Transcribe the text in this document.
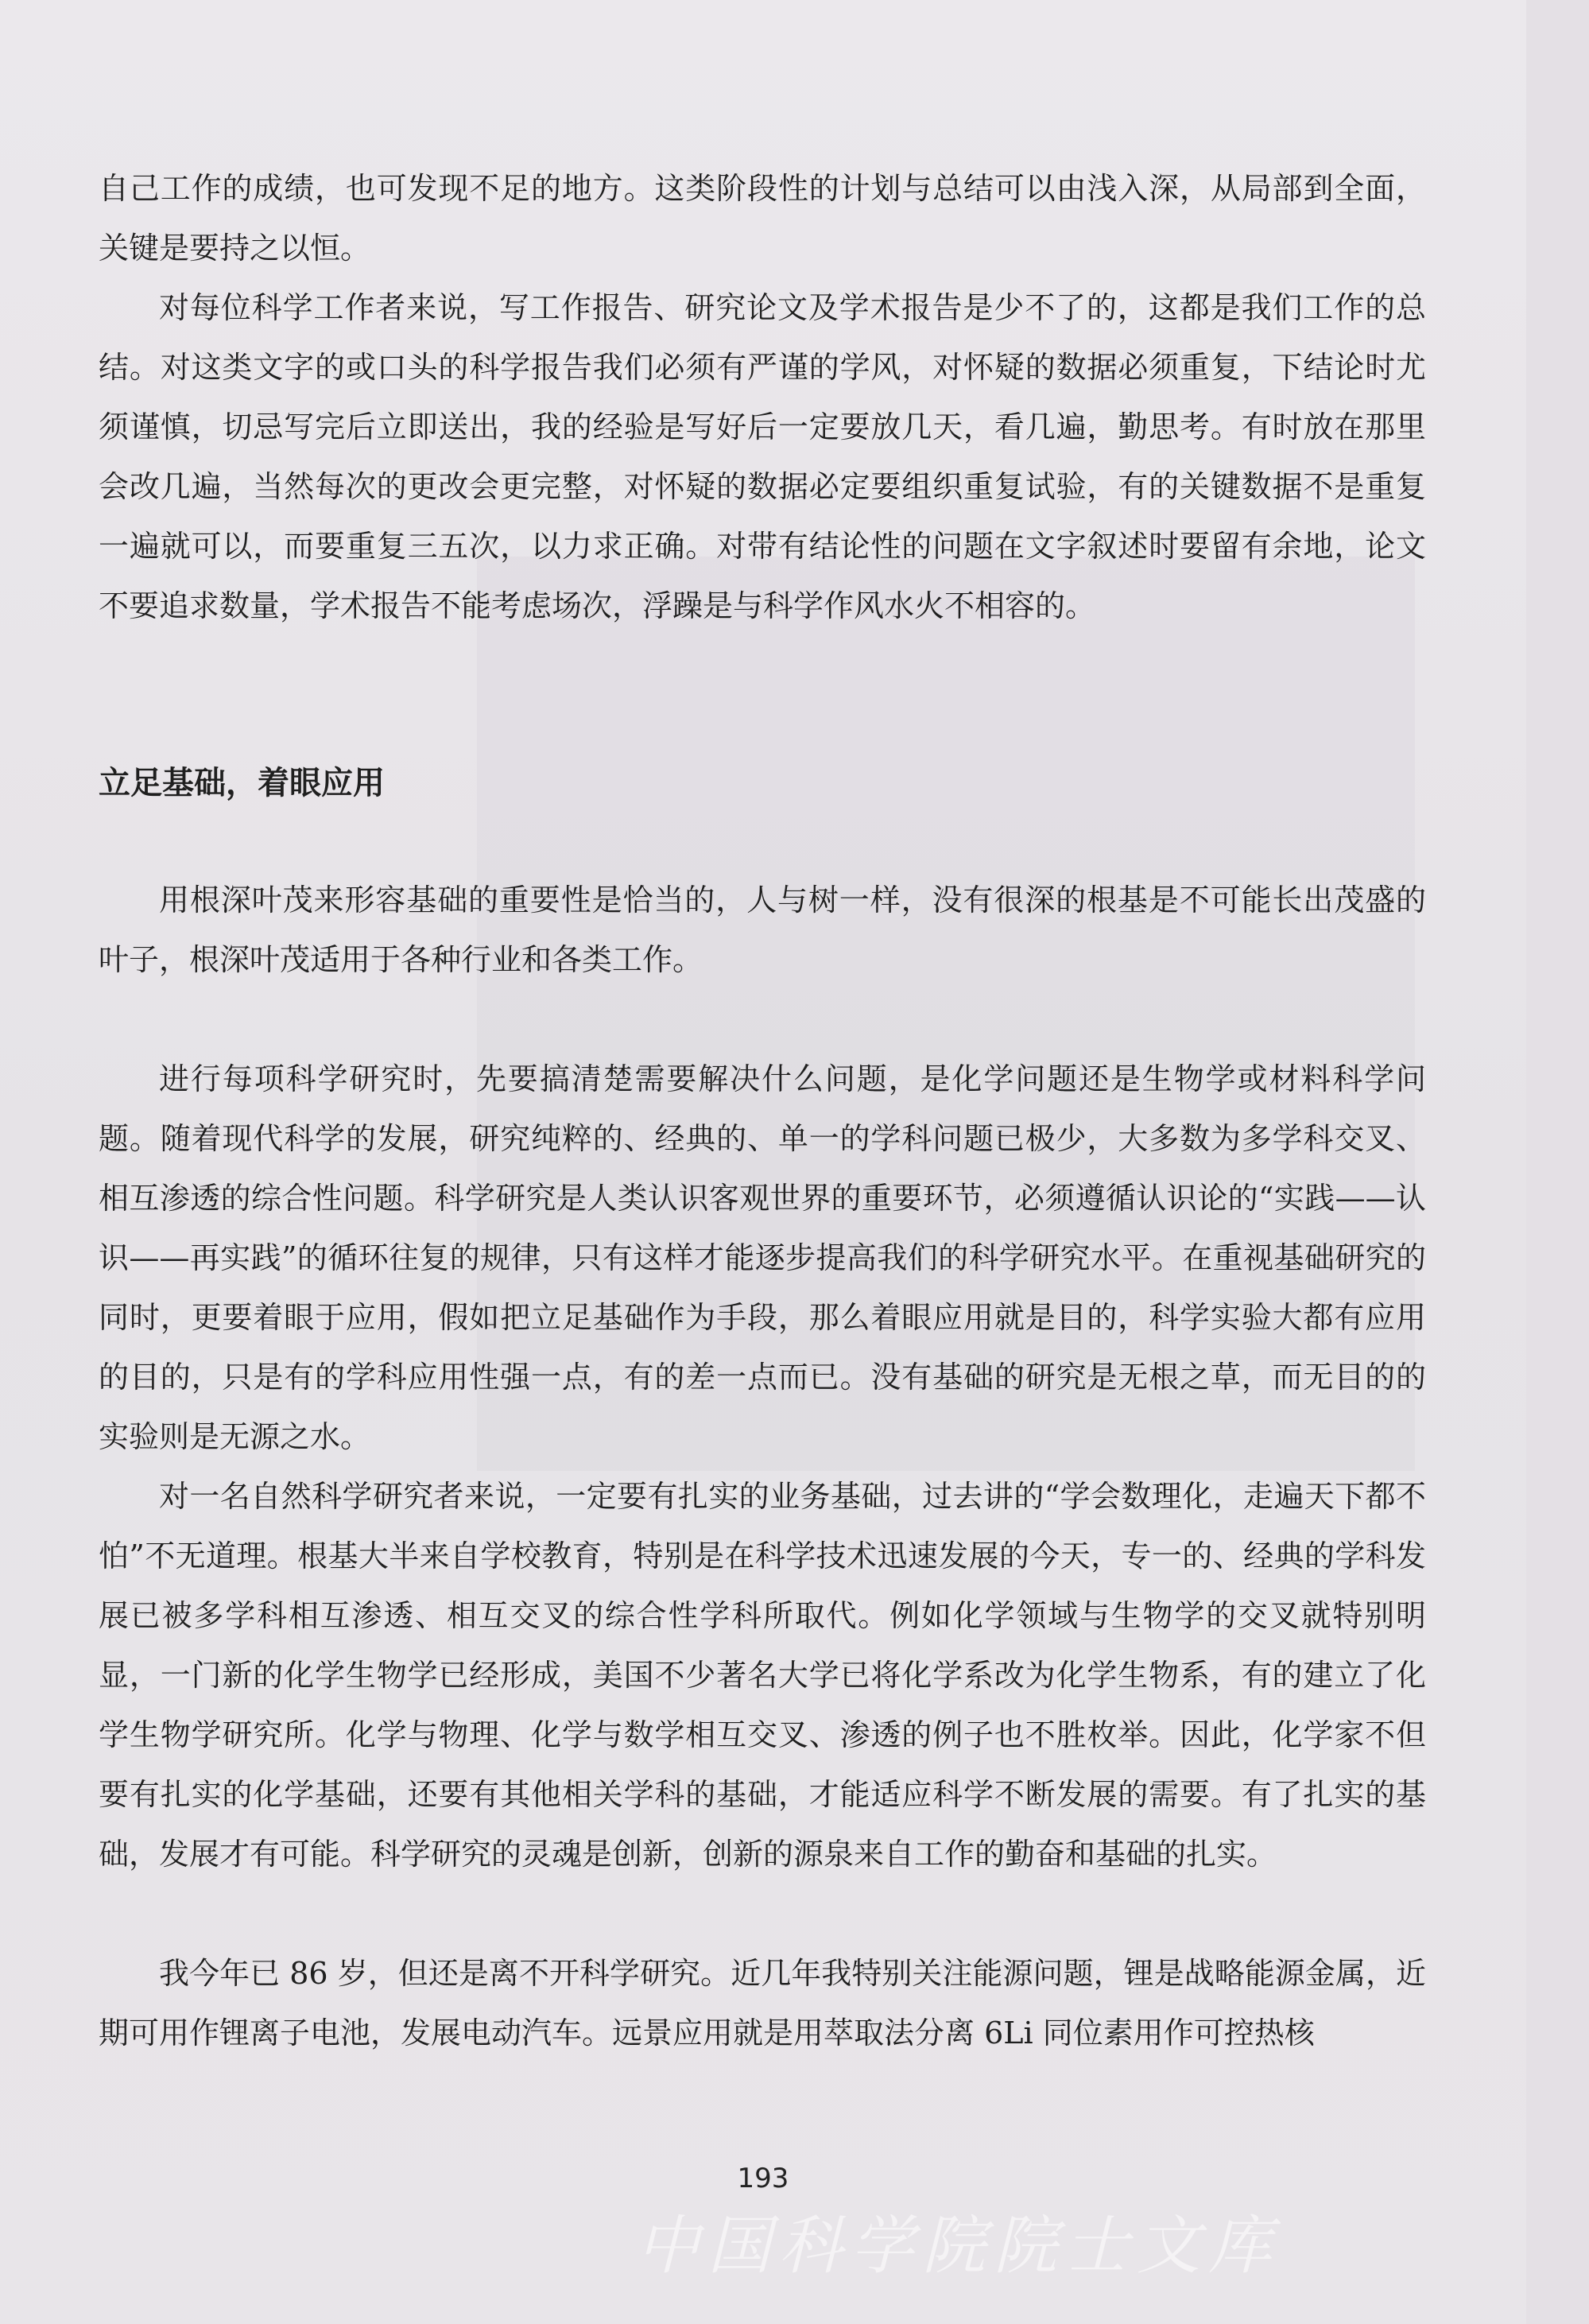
自己工作的成绩，也可发现不足的地方。这类阶段性的计划与总结可以由浅入深，从局部到全面，关键是要持之以恒。

对每位科学工作者来说，写工作报告、研究论文及学术报告是少不了的，这都是我们工作的总结。对这类文字的或口头的科学报告我们必须有严谨的学风，对怀疑的数据必须重复，下结论时尤须谨慎，切忌写完后立即送出，我的经验是写好后一定要放几天，看几遍，勤思考。有时放在那里会改几遍，当然每次的更改会更完整，对怀疑的数据必定要组织重复试验，有的关键数据不是重复一遍就可以，而要重复三五次，以力求正确。对带有结论性的问题在文字叙述时要留有余地，论文不要追求数量，学术报告不能考虑场次，浮躁是与科学作风水火不相容的。

立足基础，着眼应用

用根深叶茂来形容基础的重要性是恰当的，人与树一样，没有很深的根基是不可能长出茂盛的叶子，根深叶茂适用于各种行业和各类工作。

进行每项科学研究时，先要搞清楚需要解决什么问题，是化学问题还是生物学或材料科学问题。随着现代科学的发展，研究纯粹的、经典的、单一的学科问题已极少，大多数为多学科交叉、相互渗透的综合性问题。科学研究是人类认识客观世界的重要环节，必须遵循认识论的“实践——认识——再实践”的循环往复的规律，只有这样才能逐步提高我们的科学研究水平。在重视基础研究的同时，更要着眼于应用，假如把立足基础作为手段，那么着眼应用就是目的，科学实验大都有应用的目的，只是有的学科应用性强一点，有的差一点而已。没有基础的研究是无根之草，而无目的的实验则是无源之水。

对一名自然科学研究者来说，一定要有扎实的业务基础，过去讲的“学会数理化，走遍天下都不怕”不无道理。根基大半来自学校教育，特别是在科学技术迅速发展的今天，专一的、经典的学科发展已被多学科相互渗透、相互交叉的综合性学科所取代。例如化学领域与生物学的交叉就特别明显，一门新的化学生物学已经形成，美国不少著名大学已将化学系改为化学生物系，有的建立了化学生物学研究所。化学与物理、化学与数学相互交叉、渗透的例子也不胜枚举。因此，化学家不但要有扎实的化学基础，还要有其他相关学科的基础，才能适应科学不断发展的需要。有了扎实的基础，发展才有可能。科学研究的灵魂是创新，创新的源泉来自工作的勤奋和基础的扎实。

我今年已 86 岁，但还是离不开科学研究。近几年我特别关注能源问题，锂是战略能源金属，近期可用作锂离子电池，发展电动汽车。远景应用就是用萃取法分离 6Li 同位素用作可控热核

193
中国科学院院士文库
